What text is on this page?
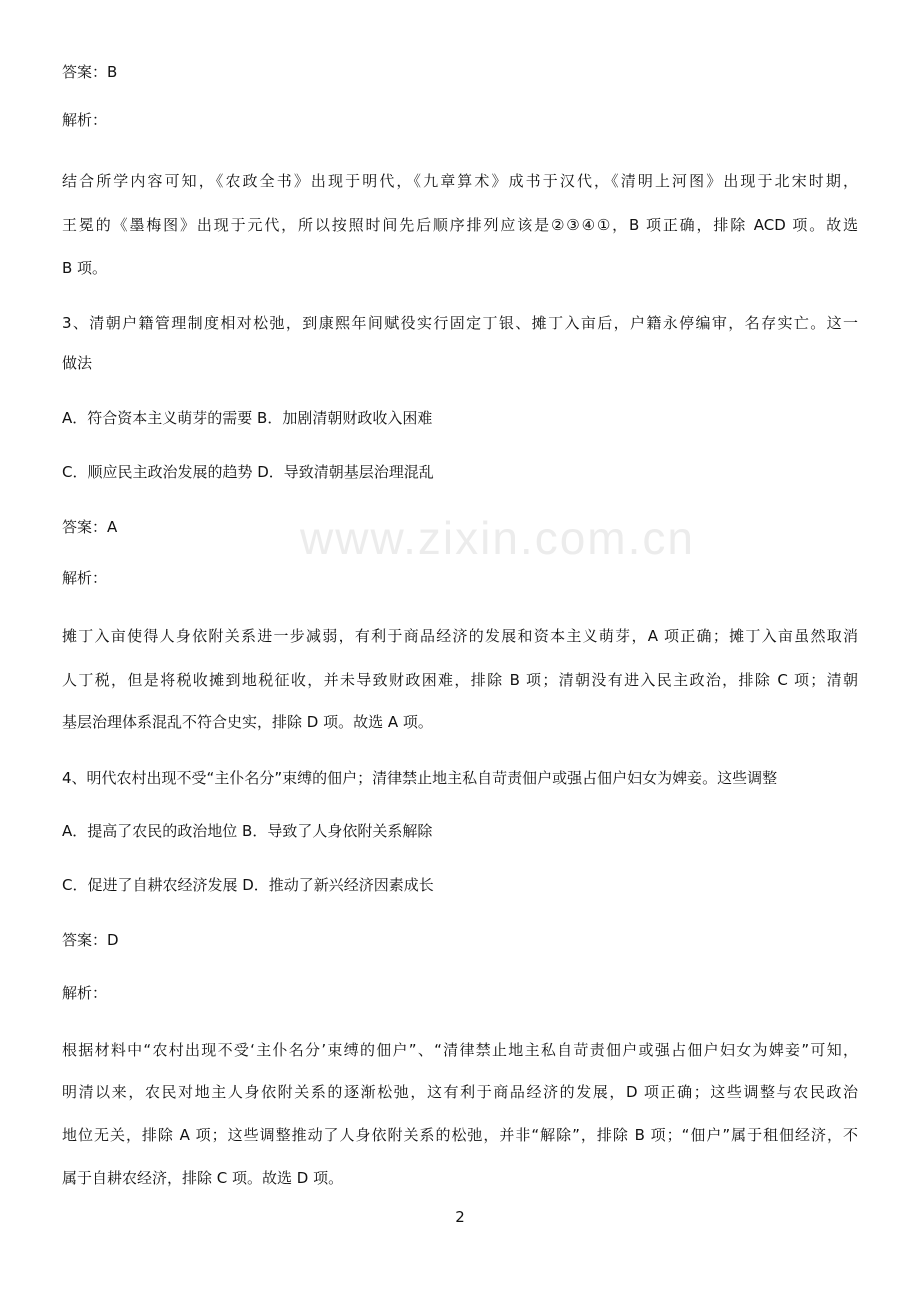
www.zixin.com.cn
答案：B
解析：
结合所学内容可知，《农政全书》出现于明代，《九章算术》成书于汉代，《清明上河图》出现于北宋时期，
王冕的《墨梅图》出现于元代，所以按照时间先后顺序排列应该是②③④①，B 项正确，排除 ACD 项。故选
B 项。
3、清朝户籍管理制度相对松弛，到康熙年间赋役实行固定丁银、摊丁入亩后，户籍永停编审，名存实亡。这一
做法
A．符合资本主义萌芽的需要 B．加剧清朝财政收入困难
C．顺应民主政治发展的趋势 D．导致清朝基层治理混乱
答案：A
解析：
摊丁入亩使得人身依附关系进一步减弱，有利于商品经济的发展和资本主义萌芽，A 项正确；摊丁入亩虽然取消
人丁税，但是将税收摊到地税征收，并未导致财政困难，排除 B 项；清朝没有进入民主政治，排除 C 项；清朝
基层治理体系混乱不符合史实，排除 D 项。故选 A 项。
4、明代农村出现不受“主仆名分”束缚的佃户；清律禁止地主私自苛责佃户或强占佃户妇女为婢妾。这些调整
A．提高了农民的政治地位 B．导致了人身依附关系解除
C．促进了自耕农经济发展 D．推动了新兴经济因素成长
答案：D
解析：
根据材料中“农村出现不受‘主仆名分’束缚的佃户”、“清律禁止地主私自苛责佃户或强占佃户妇女为婢妾”可知，
明清以来，农民对地主人身依附关系的逐渐松弛，这有利于商品经济的发展，D 项正确；这些调整与农民政治
地位无关，排除 A 项；这些调整推动了人身依附关系的松弛，并非“解除”，排除 B 项；“佃户”属于租佃经济，不
属于自耕农经济，排除 C 项。故选 D 项。
2
